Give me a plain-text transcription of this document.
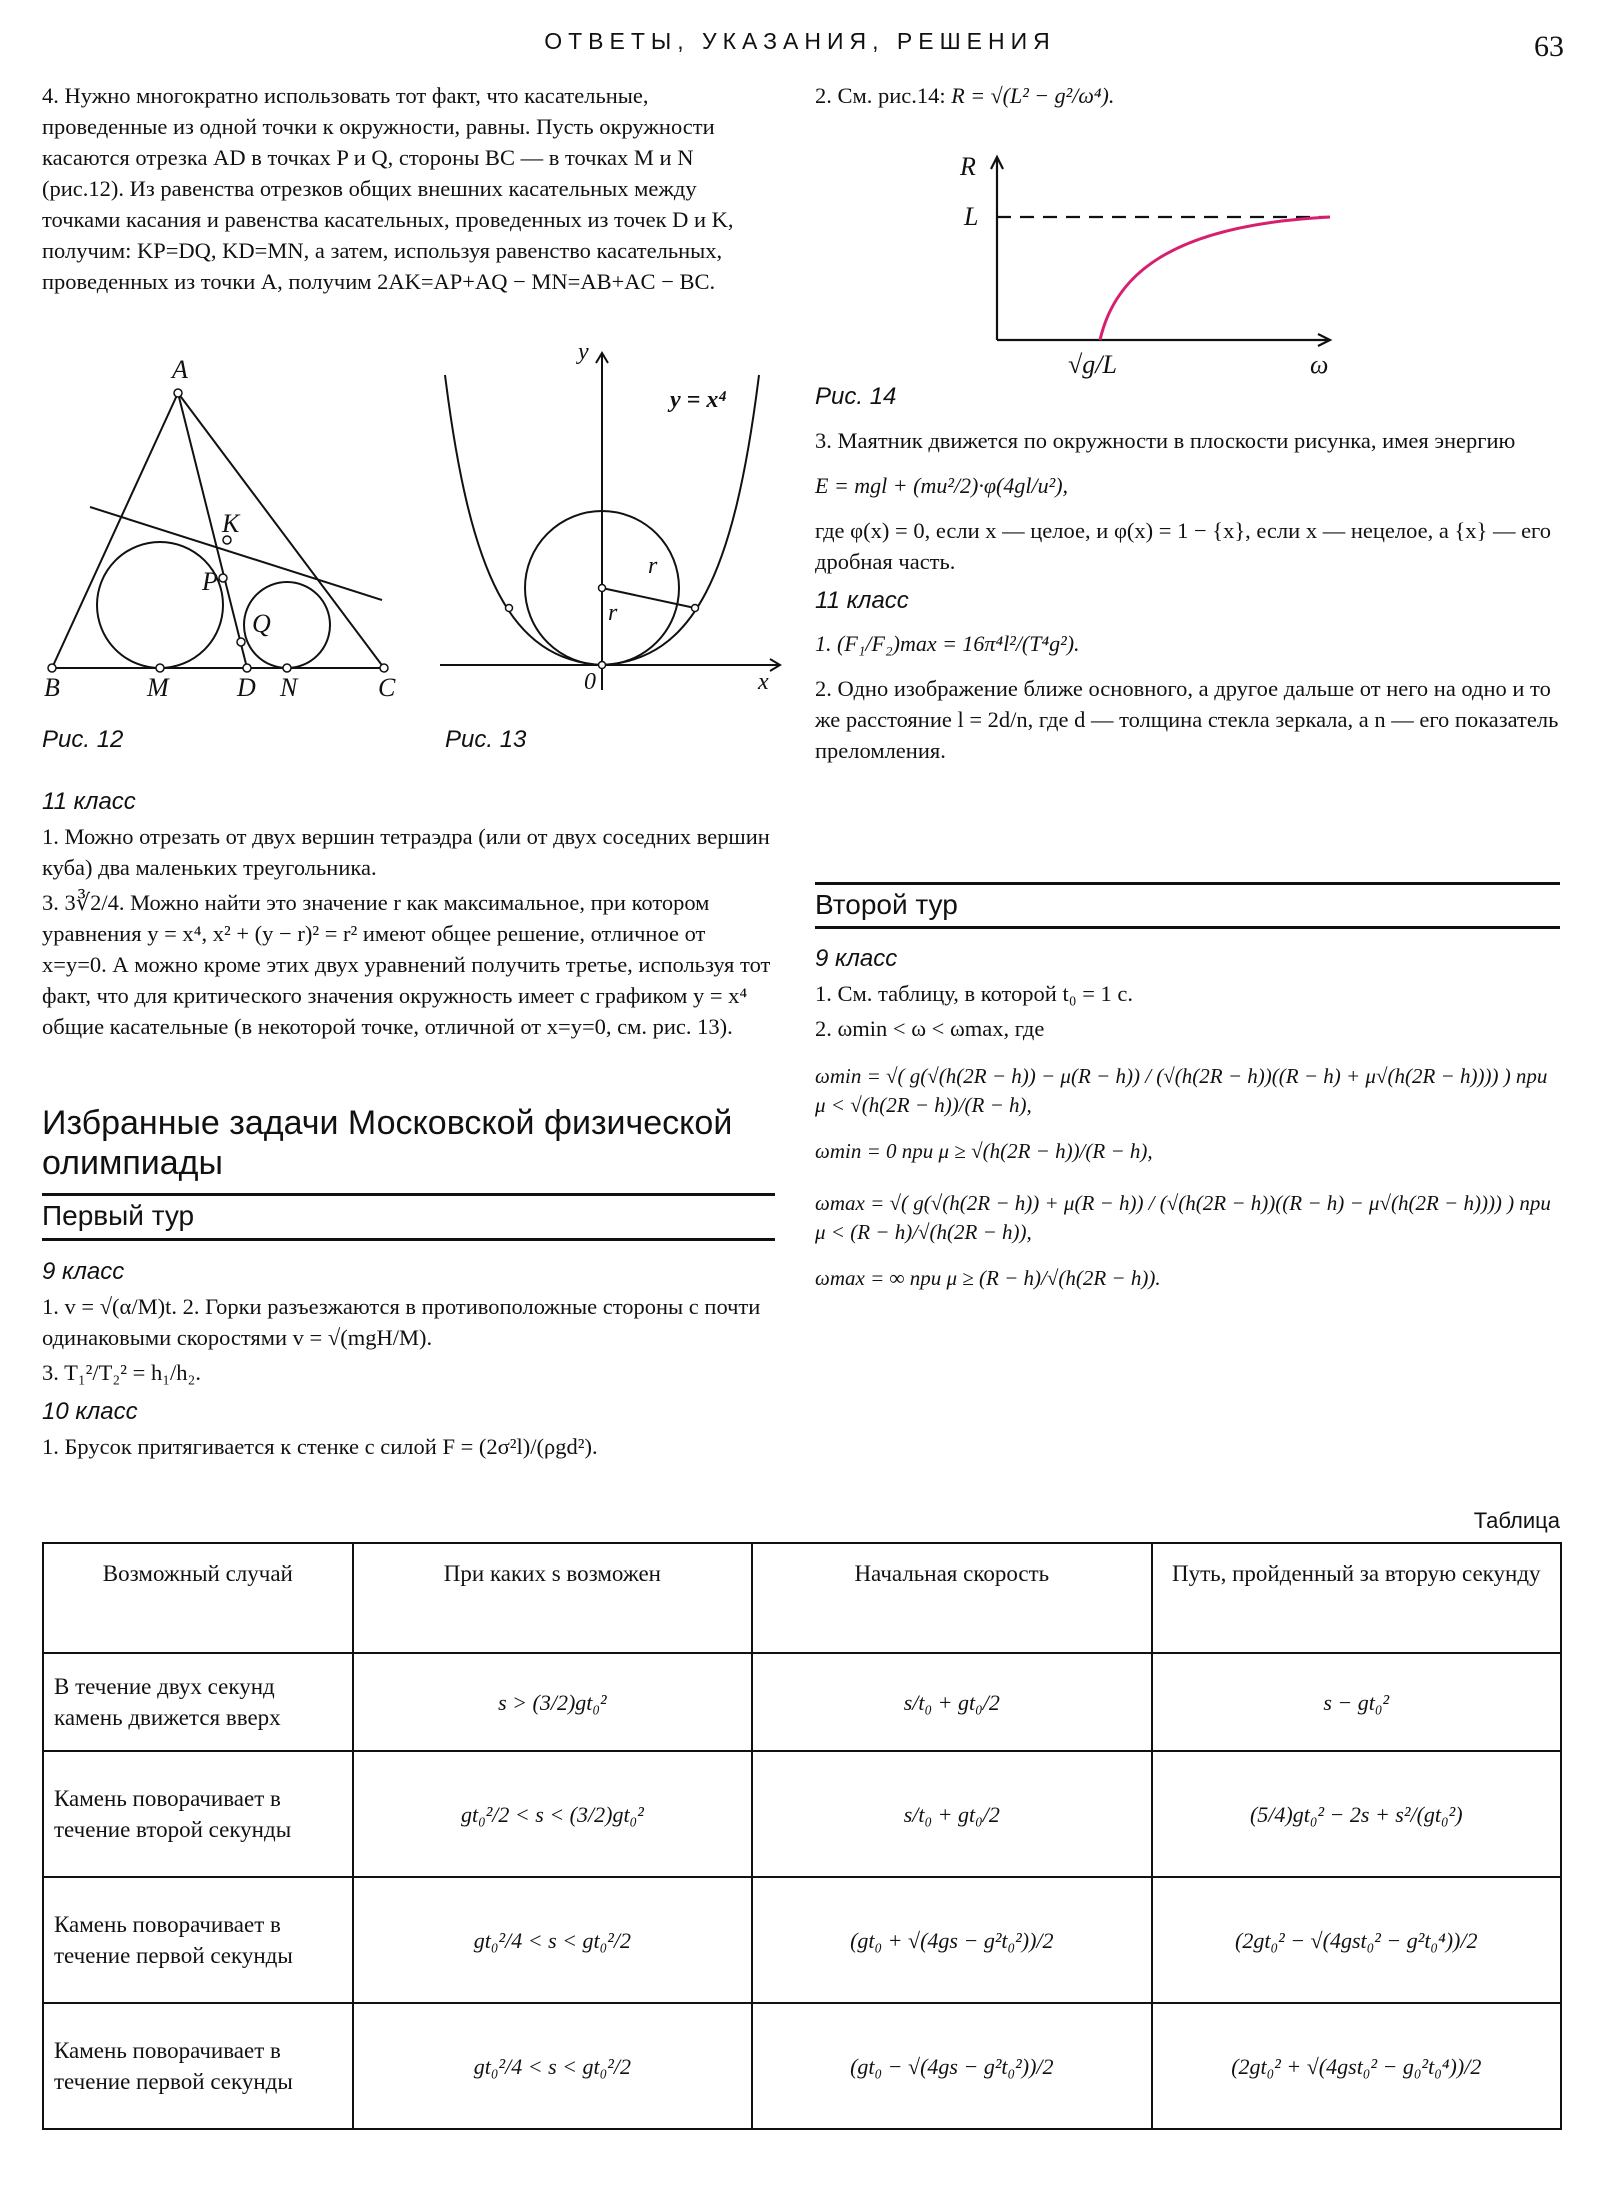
ОТВЕТЫ, УКАЗАНИЯ, РЕШЕНИЯ	63

4. Нужно многократно использовать тот факт, что касательные, проведенные из одной точки к окружности, равны. Пусть окружности касаются отрезка AD в точках P и Q, стороны BC — в точках M и N (рис.12). Из равенства отрезков общих внешних касательных между точками касания и равенства касательных, проведенных из точек D и K, получим: KP=DQ, KD=MN, а затем, используя равенство касательных, проведенных из точки A, получим 2AK=AP+AQ − MN=AB+AC − BC.

A
K
P
Q
B	M	D N	C
Рис. 12
y
y = x⁴
r
r
0	x
Рис. 13
11 класс

1. Можно отрезать от двух вершин тетраэдра (или от двух соседних вершин куба) два маленьких треугольника.

3. 3∛2/4. Можно найти это значение r как максимальное, при котором уравнения y = x⁴, x² + (y − r)² = r² имеют общее решение, отличное от x=y=0. А можно кроме этих двух уравнений получить третье, используя тот факт, что для критического значения окружность имеет с графиком y = x⁴ общие касательные (в некоторой точке, отличной от x=y=0, см. рис. 13).

Избранные задачи Московской физической олимпиады
Первый тур
9 класс

1. v = √(α/M)t. 2. Горки разъезжаются в противоположные стороны с почти одинаковыми скоростями v = √(mgH/M).

3. T₁²/T₂² = h₁/h₂.

10 класс

1. Брусок притягивается к стенке с силой F = (2σ²l)/(ρgd²).

2. См. рис.14: R = √(L² − g²/ω⁴).
R
L
√g/L	ω
Рис. 14

3. Маятник движется по окружности в плоскости рисунка, имея энергию

E = mgl + (mu²/2)·φ(4gl/u²),

где φ(x) = 0, если x — целое, и φ(x) = 1 − {x}, если x — нецелое, а {x} — его дробная часть.

11 класс

1. (F₁/F₂)max = 16π⁴l²/(T⁴g²).

2. Одно изображение ближе основного, а другое дальше от него на одно и то же расстояние l = 2d/n, где d — толщина стекла зеркала, а n — его показатель преломления.

Второй тур
9 класс

1. См. таблицу, в которой t₀ = 1 с.

2. ωmin < ω < ωmax, где

ωmin = √( g(√(h(2R − h)) − μ(R − h)) / (√(h(2R − h))((R − h) + μ√(h(2R − h)))) ) при μ < √(h(2R − h))/(R − h),

ωmin = 0 при μ ≥ √(h(2R − h))/(R − h),

ωmax = √( g(√(h(2R − h)) + μ(R − h)) / (√(h(2R − h))((R − h) − μ√(h(2R − h)))) ) при μ < (R − h)/√(h(2R − h)),

ωmax = ∞ при μ ≥ (R − h)/√(h(2R − h)).

Таблица
Возможный случай	При каких s возможен	Начальная скорость	Путь, пройденный за вторую секунду
В течение двух секунд камень движется вверх	s > (3/2)gt₀²	s/t₀ + gt₀/2	s − gt₀²
Камень поворачивает в течение второй секунды	gt₀²/2 < s < (3/2)gt₀²	s/t₀ + gt₀/2	(5/4)gt₀² − 2s + s²/(gt₀²)
Камень поворачивает в течение первой секунды	gt₀²/4 < s < gt₀²/2	(gt₀ + √(4gs − g²t₀²))/2	(2gt₀² − √(4gst₀² − g²t₀⁴))/2
Камень поворачивает в течение первой секунды	gt₀²/4 < s < gt₀²/2	(gt₀ − √(4gs − g²t₀²))/2	(2gt₀² + √(4gst₀² − g₀²t₀⁴))/2
